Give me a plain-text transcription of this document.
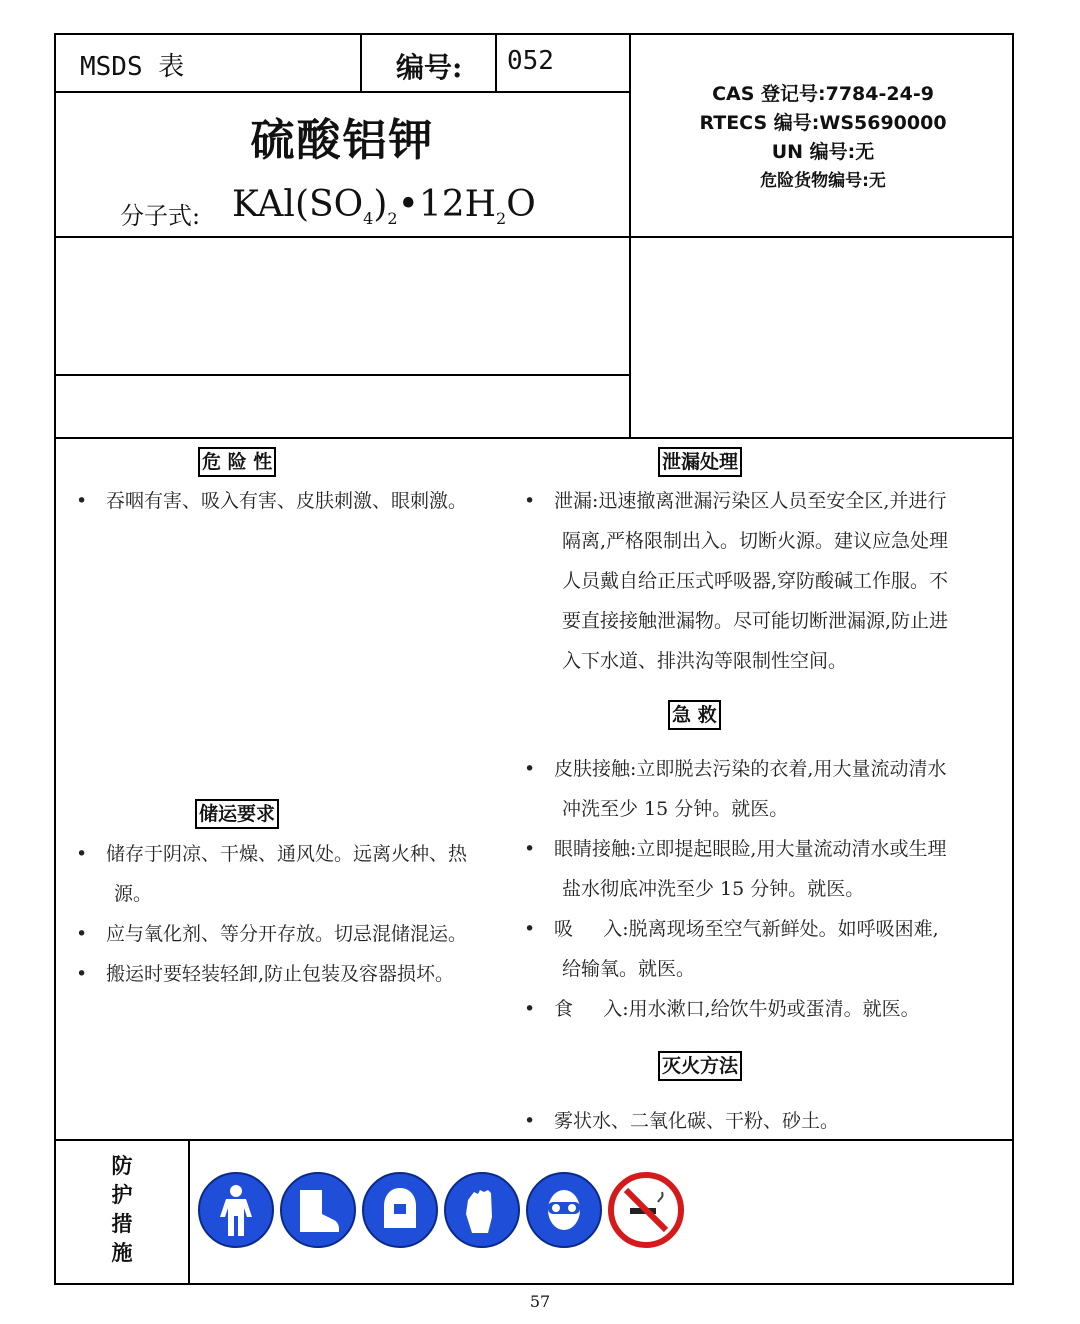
MSDS 表	编号: 052
硫酸铝钾
分子式: $KAl(SO_4)_2•12H_2O$
CAS 登记号:7784-24-9
RTECS 编号:WS5690000
UN 编号:无
危险货物编号:无
危 险 性	泄漏处理
急 救
储运要求
灭火方法
• 吞咽有害、吸入有害、皮肤刺激、眼刺激。
• 储存于阴凉、干燥、通风处。远离火种、热
源。
• 应与氧化剂、等分开存放。切忌混储混运。
• 搬运时要轻装轻卸,防止包装及容器损坏。
• 泄漏:迅速撤离泄漏污染区人员至安全区,并进行
隔离,严格限制出入。切断火源。建议应急处理
人员戴自给正压式呼吸器,穿防酸碱工作服。不
要直接接触泄漏物。尽可能切断泄漏源,防止进
入下水道、排洪沟等限制性空间。
• 皮肤接触:立即脱去污染的衣着,用大量流动清水
冲洗至少 15 分钟。就医。
• 眼睛接触:立即提起眼睑,用大量流动清水或生理
盐水彻底冲洗至少 15 分钟。就医。
• 吸     入:脱离现场至空气新鲜处。如呼吸困难,
给输氧。就医。
• 食     入:用水漱口,给饮牛奶或蛋清。就医。
• 雾状水、二氧化碳、干粉、砂土。
防
护
措
施
57
